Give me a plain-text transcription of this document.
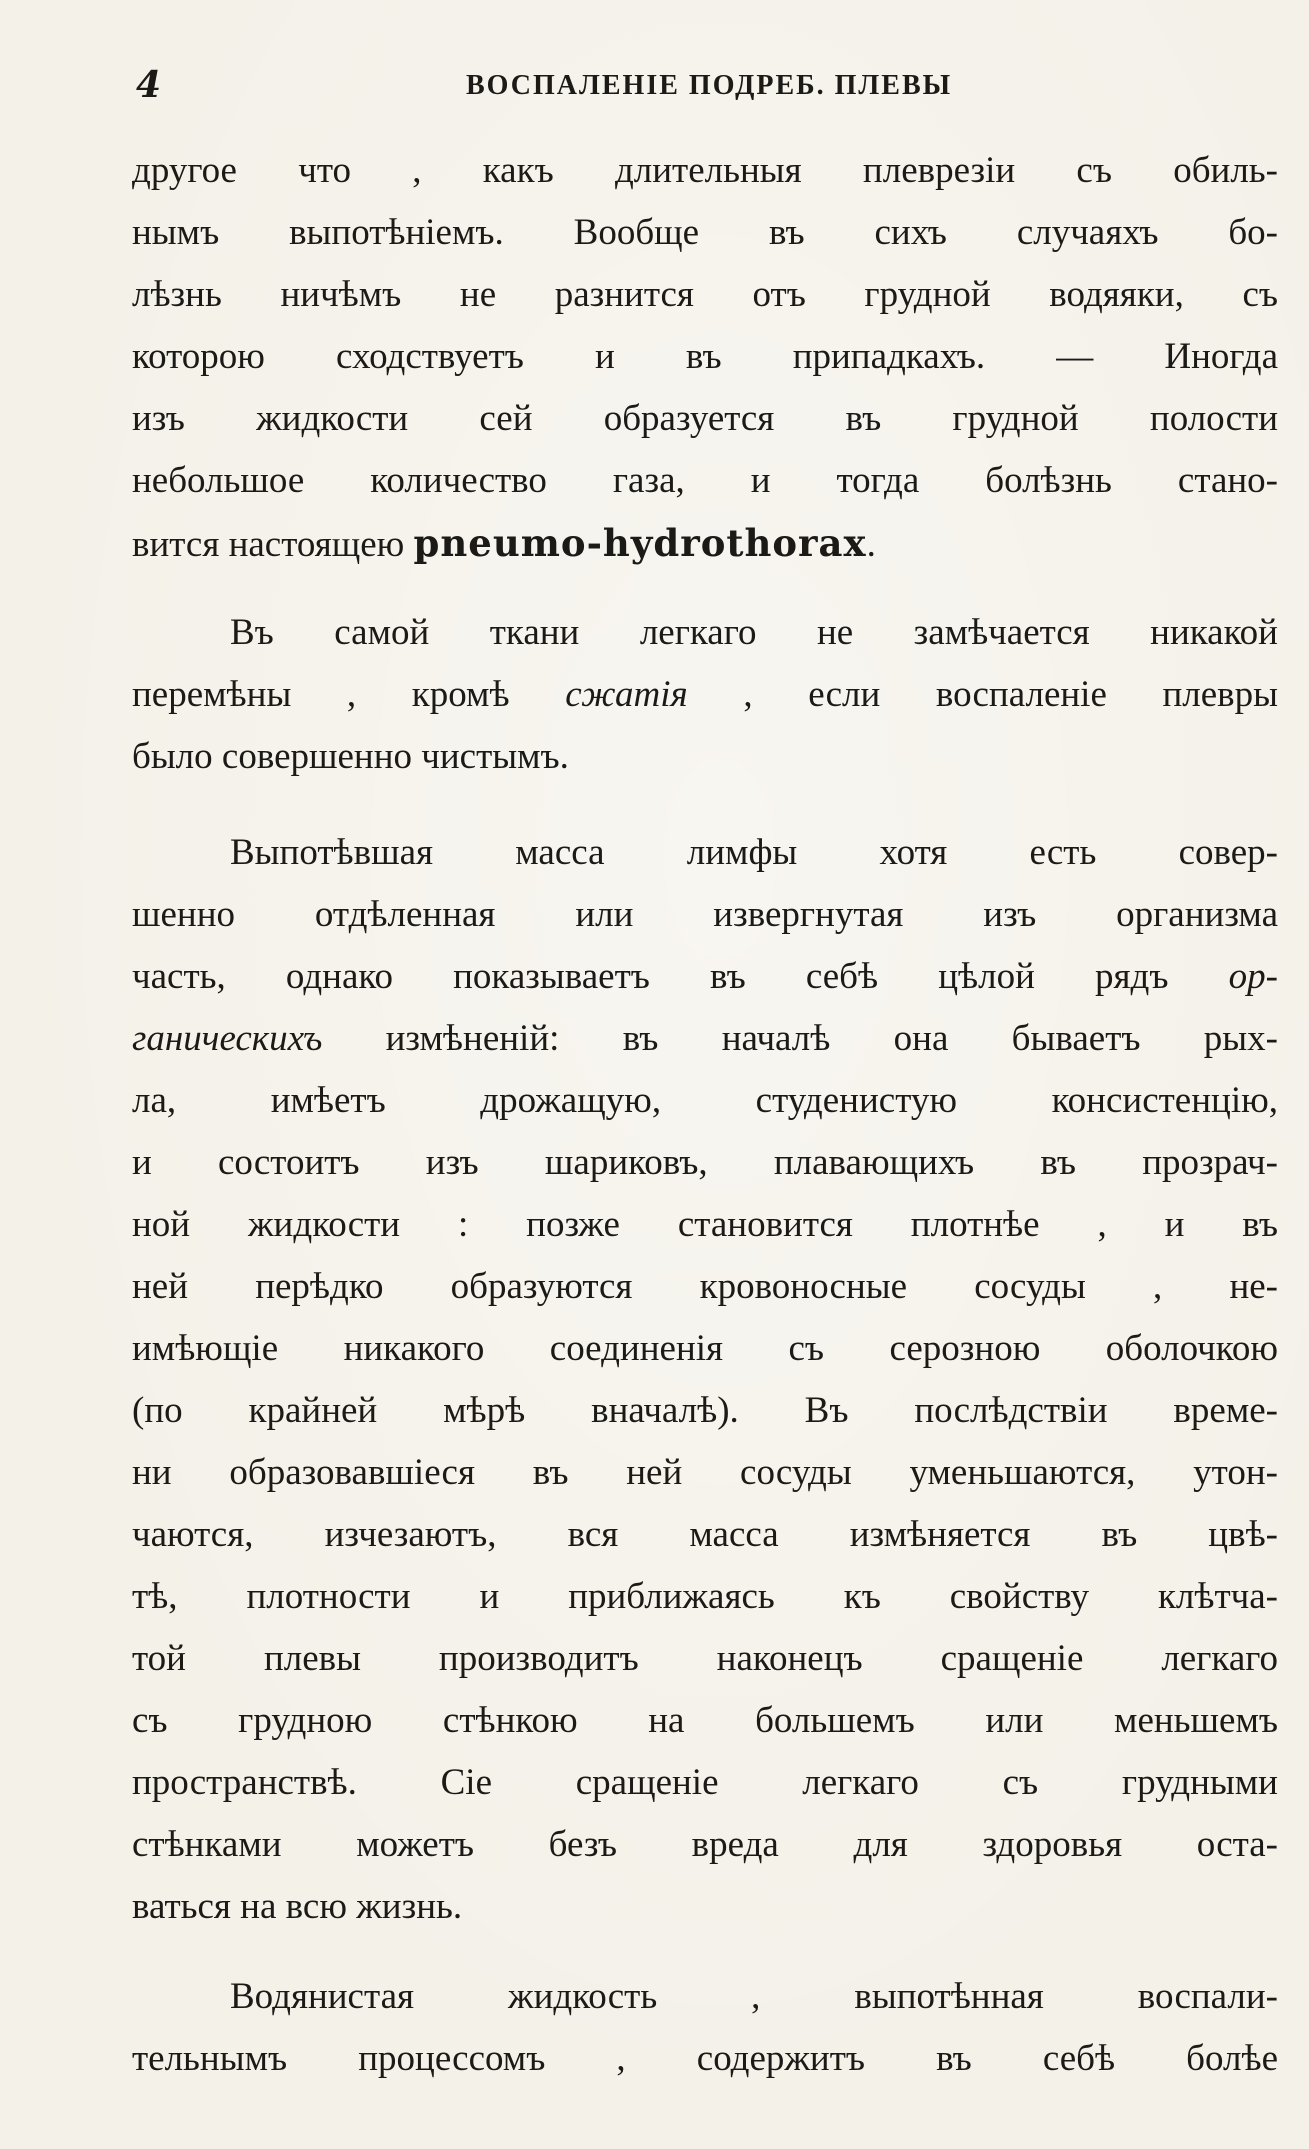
4	ВОСПАЛЕНІЕ ПОДРЕБ. ПЛЕВЫ
другое что , какъ длительныя плеврезіи съ обиль-
нымъ выпотѣніемъ. Вообще въ сихъ случаяхъ бо-
лѣзнь ничѣмъ не разнится отъ грудной водяяки, съ
которою сходствуетъ и въ припадкахъ. — Иногда
изъ жидкости сей образуется въ грудной полости
небольшое количество газа, и тогда болѣзнь стано-
вится настоящею pneumo-hydrothorax.
Въ самой ткани легкаго не замѣчается никакой
перемѣны , кромѣ сжатія , если воспаленіе плевры
было совершенно чистымъ.
Выпотѣвшая масса лимфы хотя есть совер-
шенно отдѣленная или извергнутая изъ организма
часть, однако показываетъ въ себѣ цѣлой рядъ ор-
ганическихъ измѣненій: въ началѣ она бываетъ рых-
ла, имѣетъ дрожащую, студенистую консистенцію,
и состоитъ изъ шариковъ, плавающихъ въ прозрач-
ной жидкости : позже становится плотнѣе , и въ
ней перѣдко образуются кровоносные сосуды , не-
имѣющіе никакого соединенія съ серозною оболочкою
(по крайней мѣрѣ вначалѣ). Въ послѣдствіи време-
ни образовавшіеся въ ней сосуды уменьшаются, утон-
чаются, изчезаютъ, вся масса измѣняется въ цвѣ-
тѣ, плотности и приближаясь къ свойству клѣтча-
той плевы производитъ наконецъ сращеніе легкаго
съ грудною стѣнкою на большемъ или меньшемъ
пространствѣ. Сіе сращеніе легкаго съ грудными
стѣнками можетъ безъ вреда для здоровья оста-
ваться на всю жизнь.
Водянистая жидкость , выпотѣнная воспали-
тельнымъ процессомъ , содержитъ въ себѣ болѣе
